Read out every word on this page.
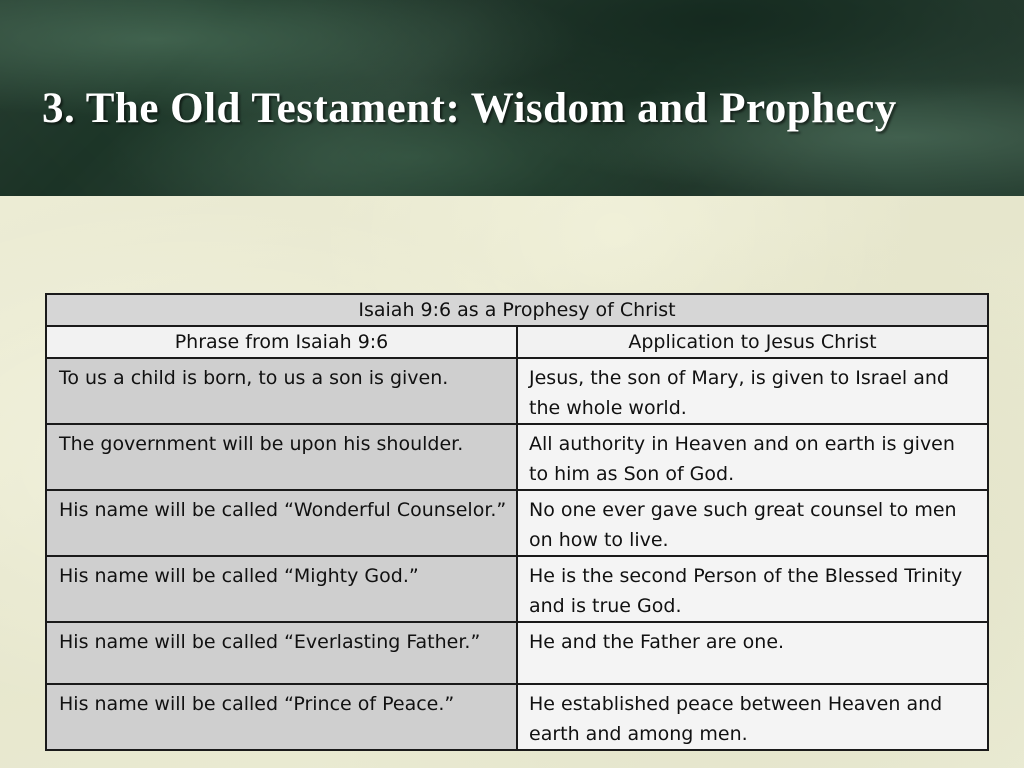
3. The Old Testament: Wisdom and Prophecy
Isaiah 9:6 as a Prophesy of Christ	
Phrase from Isaiah 9:6	Application to Jesus Christ
To us a child is born, to us a son is given.	Jesus, the son of Mary, is given to Israel and the whole world.
The government will be upon his shoulder.	All authority in Heaven and on earth is given to him as Son of God.
His name will be called “Wonderful Counselor.”	No one ever gave such great counsel to men on how to live.
His name will be called “Mighty God.”	He is the second Person of the Blessed Trinity and is true God.
His name will be called “Everlasting Father.”	He and the Father are one.
His name will be called “Prince of Peace.”	He established peace between Heaven and earth and among men.
